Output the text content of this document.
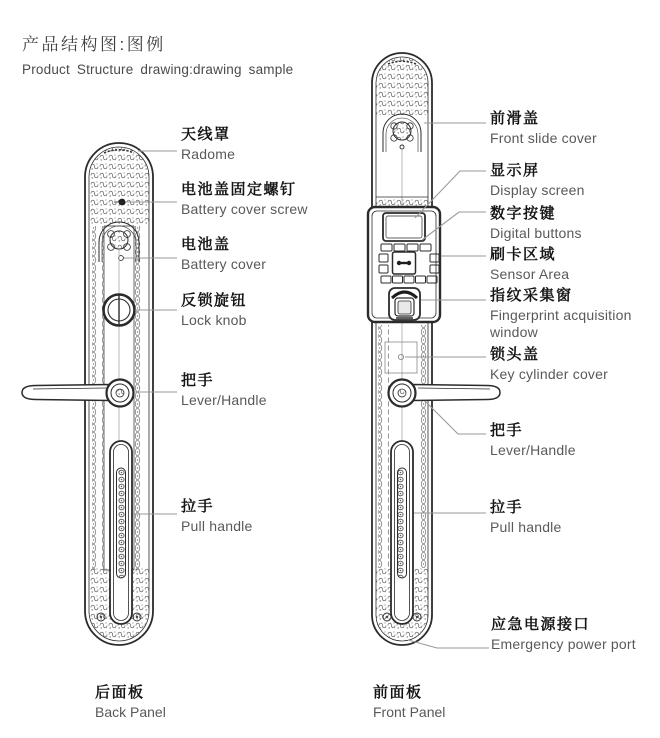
产品结构图:图例
Product Structure drawing:drawing sample
天线罩
Radome
电池盖固定螺钉
Battery cover screw
电池盖
Battery cover
反锁旋钮
Lock knob
把手
Lever/Handle
拉手
Pull handle
前滑盖
Front slide cover
显示屏
Display screen
数字按键
Digital buttons
刷卡区域
Sensor Area
指纹采集窗
Fingerprint acquisition window
锁头盖
Key cylinder cover
把手
Lever/Handle
拉手
Pull handle
应急电源接口
Emergency power port
后面板
Back Panel
前面板
Front Panel
